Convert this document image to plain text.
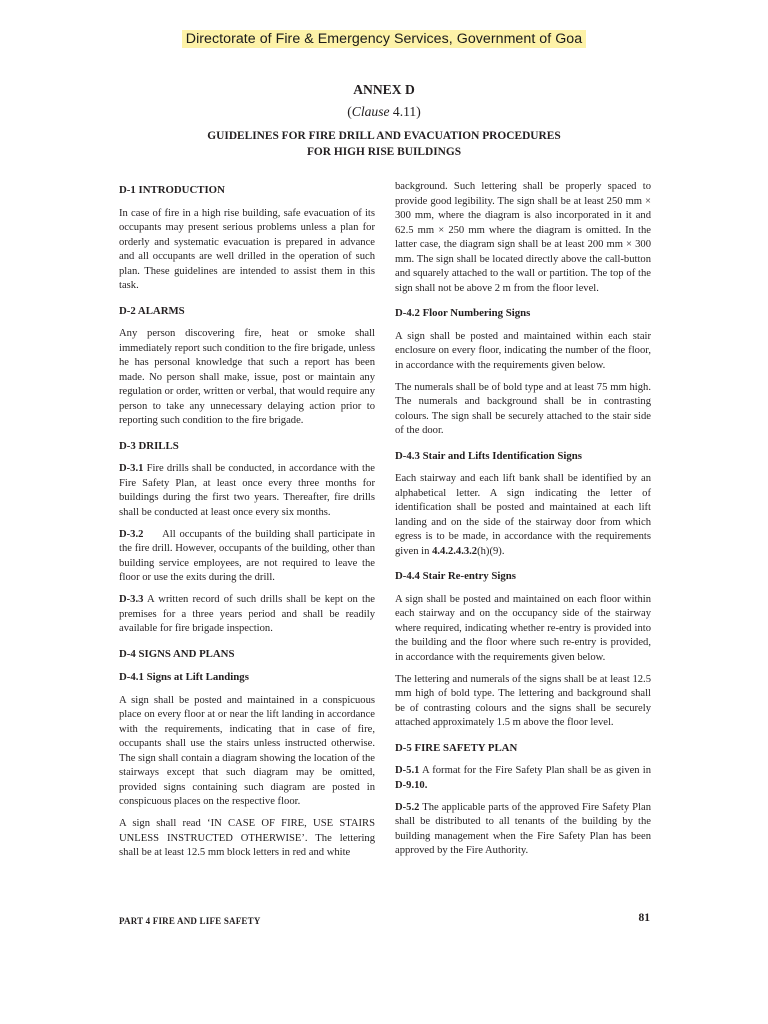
Directorate of Fire & Emergency Services, Government of Goa
ANNEX D
(Clause 4.11)
GUIDELINES FOR FIRE DRILL AND EVACUATION PROCEDURES
FOR HIGH RISE BUILDINGS
D-1 INTRODUCTION

In case of fire in a high rise building, safe evacuation of its occupants may present serious problems unless a plan for orderly and systematic evacuation is prepared in advance and all occupants are well drilled in the operation of such plan. These guidelines are intended to assist them in this task.

D-2 ALARMS

Any person discovering fire, heat or smoke shall immediately report such condition to the fire brigade, unless he has personal knowledge that such a report has been made. No person shall make, issue, post or maintain any regulation or order, written or verbal, that would require any person to take any unnecessary delaying action prior to reporting such condition to the fire brigade.

D-3 DRILLS

D-3.1 Fire drills shall be conducted, in accordance with the Fire Safety Plan, at least once every three months for buildings during the first two years. Thereafter, fire drills shall be conducted at least once every six months.

D-3.2     All occupants of the building shall participate in the fire drill. However, occupants of the building, other than building service employees, are not required to leave the floor or use the exits during the drill.

D-3.3 A written record of such drills shall be kept on the premises for a three years period and shall be readily available for fire brigade inspection.

D-4 SIGNS AND PLANS
D-4.1 Signs at Lift Landings

A sign shall be posted and maintained in a conspicuous place on every floor at or near the lift landing in accordance with the requirements, indicating that in case of fire, occupants shall use the stairs unless instructed otherwise. The sign shall contain a diagram showing the location of the stairways except that such diagram may be omitted, provided signs containing such diagram are posted in conspicuous places on the respective floor.

A sign shall read ‘IN CASE OF FIRE, USE STAIRS UNLESS INSTRUCTED OTHERWISE’. The lettering shall be at least 12.5 mm block letters in red and white

background. Such lettering shall be properly spaced to provide good legibility. The sign shall be at least 250 mm × 300 mm, where the diagram is also incorporated in it and 62.5 mm × 250 mm where the diagram is omitted. In the latter case, the diagram sign shall be at least 200 mm × 300 mm. The sign shall be located directly above the call-button and squarely attached to the wall or partition. The top of the sign shall not be above 2 m from the floor level.

D-4.2 Floor Numbering Signs

A sign shall be posted and maintained within each stair enclosure on every floor, indicating the number of the floor, in accordance with the requirements given below.

The numerals shall be of bold type and at least 75 mm high. The numerals and background shall be in contrasting colours. The sign shall be securely attached to the stair side of the door.

D-4.3 Stair and Lifts Identification Signs

Each stairway and each lift bank shall be identified by an alphabetical letter. A sign indicating the letter of identification shall be posted and maintained at each lift landing and on the side of the stairway door from which egress is to be made, in accordance with the requirements given in 4.4.2.4.3.2(h)(9).

D-4.4 Stair Re-entry Signs

A sign shall be posted and maintained on each floor within each stairway and on the occupancy side of the stairway where required, indicating whether re-entry is provided into the building and the floor where such re-entry is provided, in accordance with the requirements given below.

The lettering and numerals of the signs shall be at least 12.5 mm high of bold type. The lettering and background shall be of contrasting colours and the signs shall be securely attached approximately 1.5 m above the floor level.

D-5 FIRE SAFETY PLAN

D-5.1 A format for the Fire Safety Plan shall be as given in D-9.10.

D-5.2 The applicable parts of the approved Fire Safety Plan shall be distributed to all tenants of the building by the building management when the Fire Safety Plan has been approved by the Fire Authority.

PART 4 FIRE AND LIFE SAFETY	81
